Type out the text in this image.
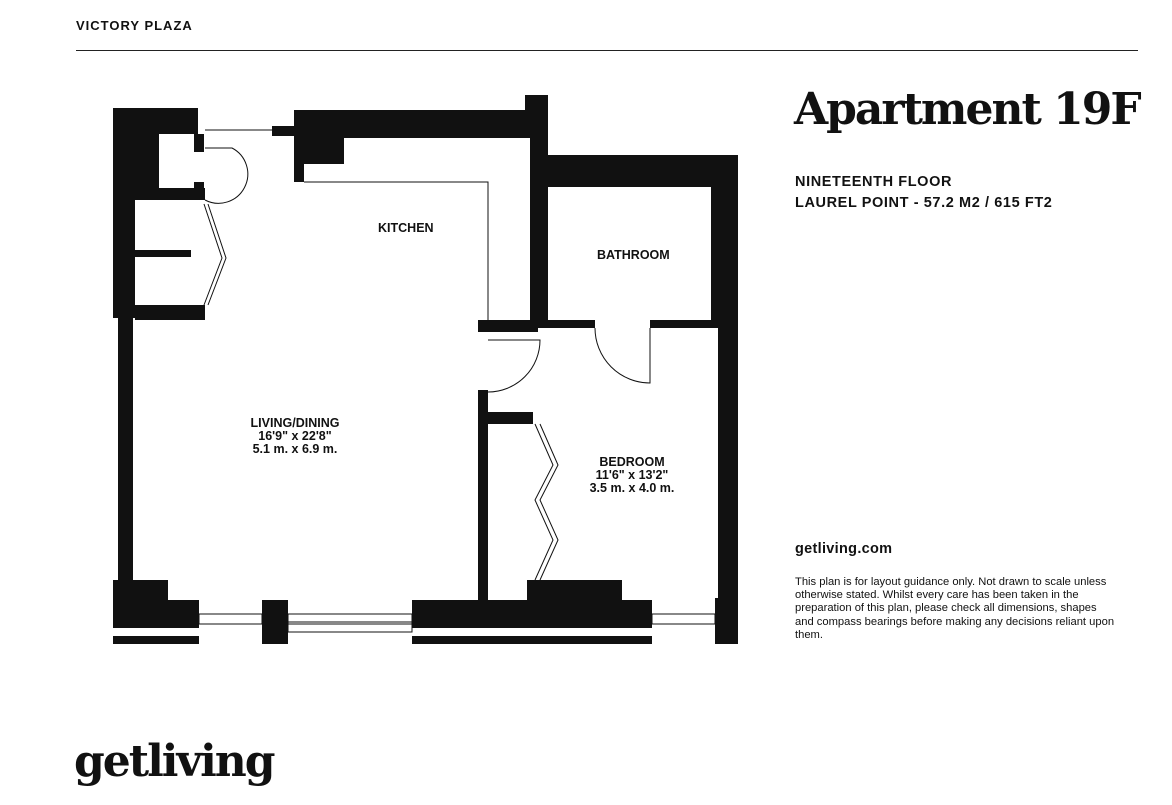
VICTORY PLAZA
KITCHEN
BATHROOM
LIVING/DINING
16'9" x 22'8"
5.1 m. x 6.9 m.
BEDROOM
11'6" x 13'2"
3.5 m. x 4.0 m.
Apartment 19F
NINETEENTH FLOOR
LAUREL POINT - 57.2 M2 / 615 FT2
getliving.com
This plan is for layout guidance only. Not drawn to scale unless otherwise stated. Whilst every care has been taken in the preparation of this plan, please check all dimensions, shapes and compass bearings before making any decisions reliant upon them.
getliving
